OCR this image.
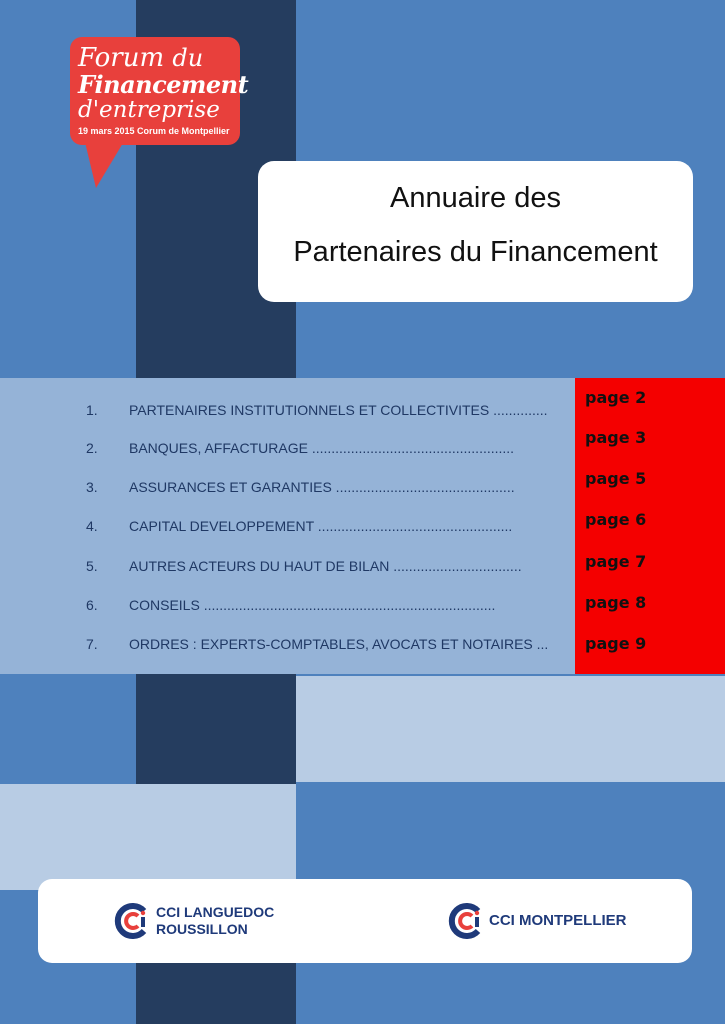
Forum du
Financement
d'entreprise
19 mars 2015 Corum de Montpellier
Annuaire des
Partenaires du Financement
1. PARTENAIRES INSTITUTIONNELS ET COLLECTIVITES ..............
2. BANQUES, AFFACTURAGE ....................................................
3. ASSURANCES ET GARANTIES ..............................................
4. CAPITAL DEVELOPPEMENT ..................................................
5. AUTRES ACTEURS DU HAUT DE BILAN .................................
6. CONSEILS ...........................................................................
7. ORDRES : EXPERTS-COMPTABLES, AVOCATS ET NOTAIRES ...
page 2
page 3
page 5
page 6
page 7
page 8
page 9
CCI LANGUEDOC
ROUSSILLON	CCI MONTPELLIER
